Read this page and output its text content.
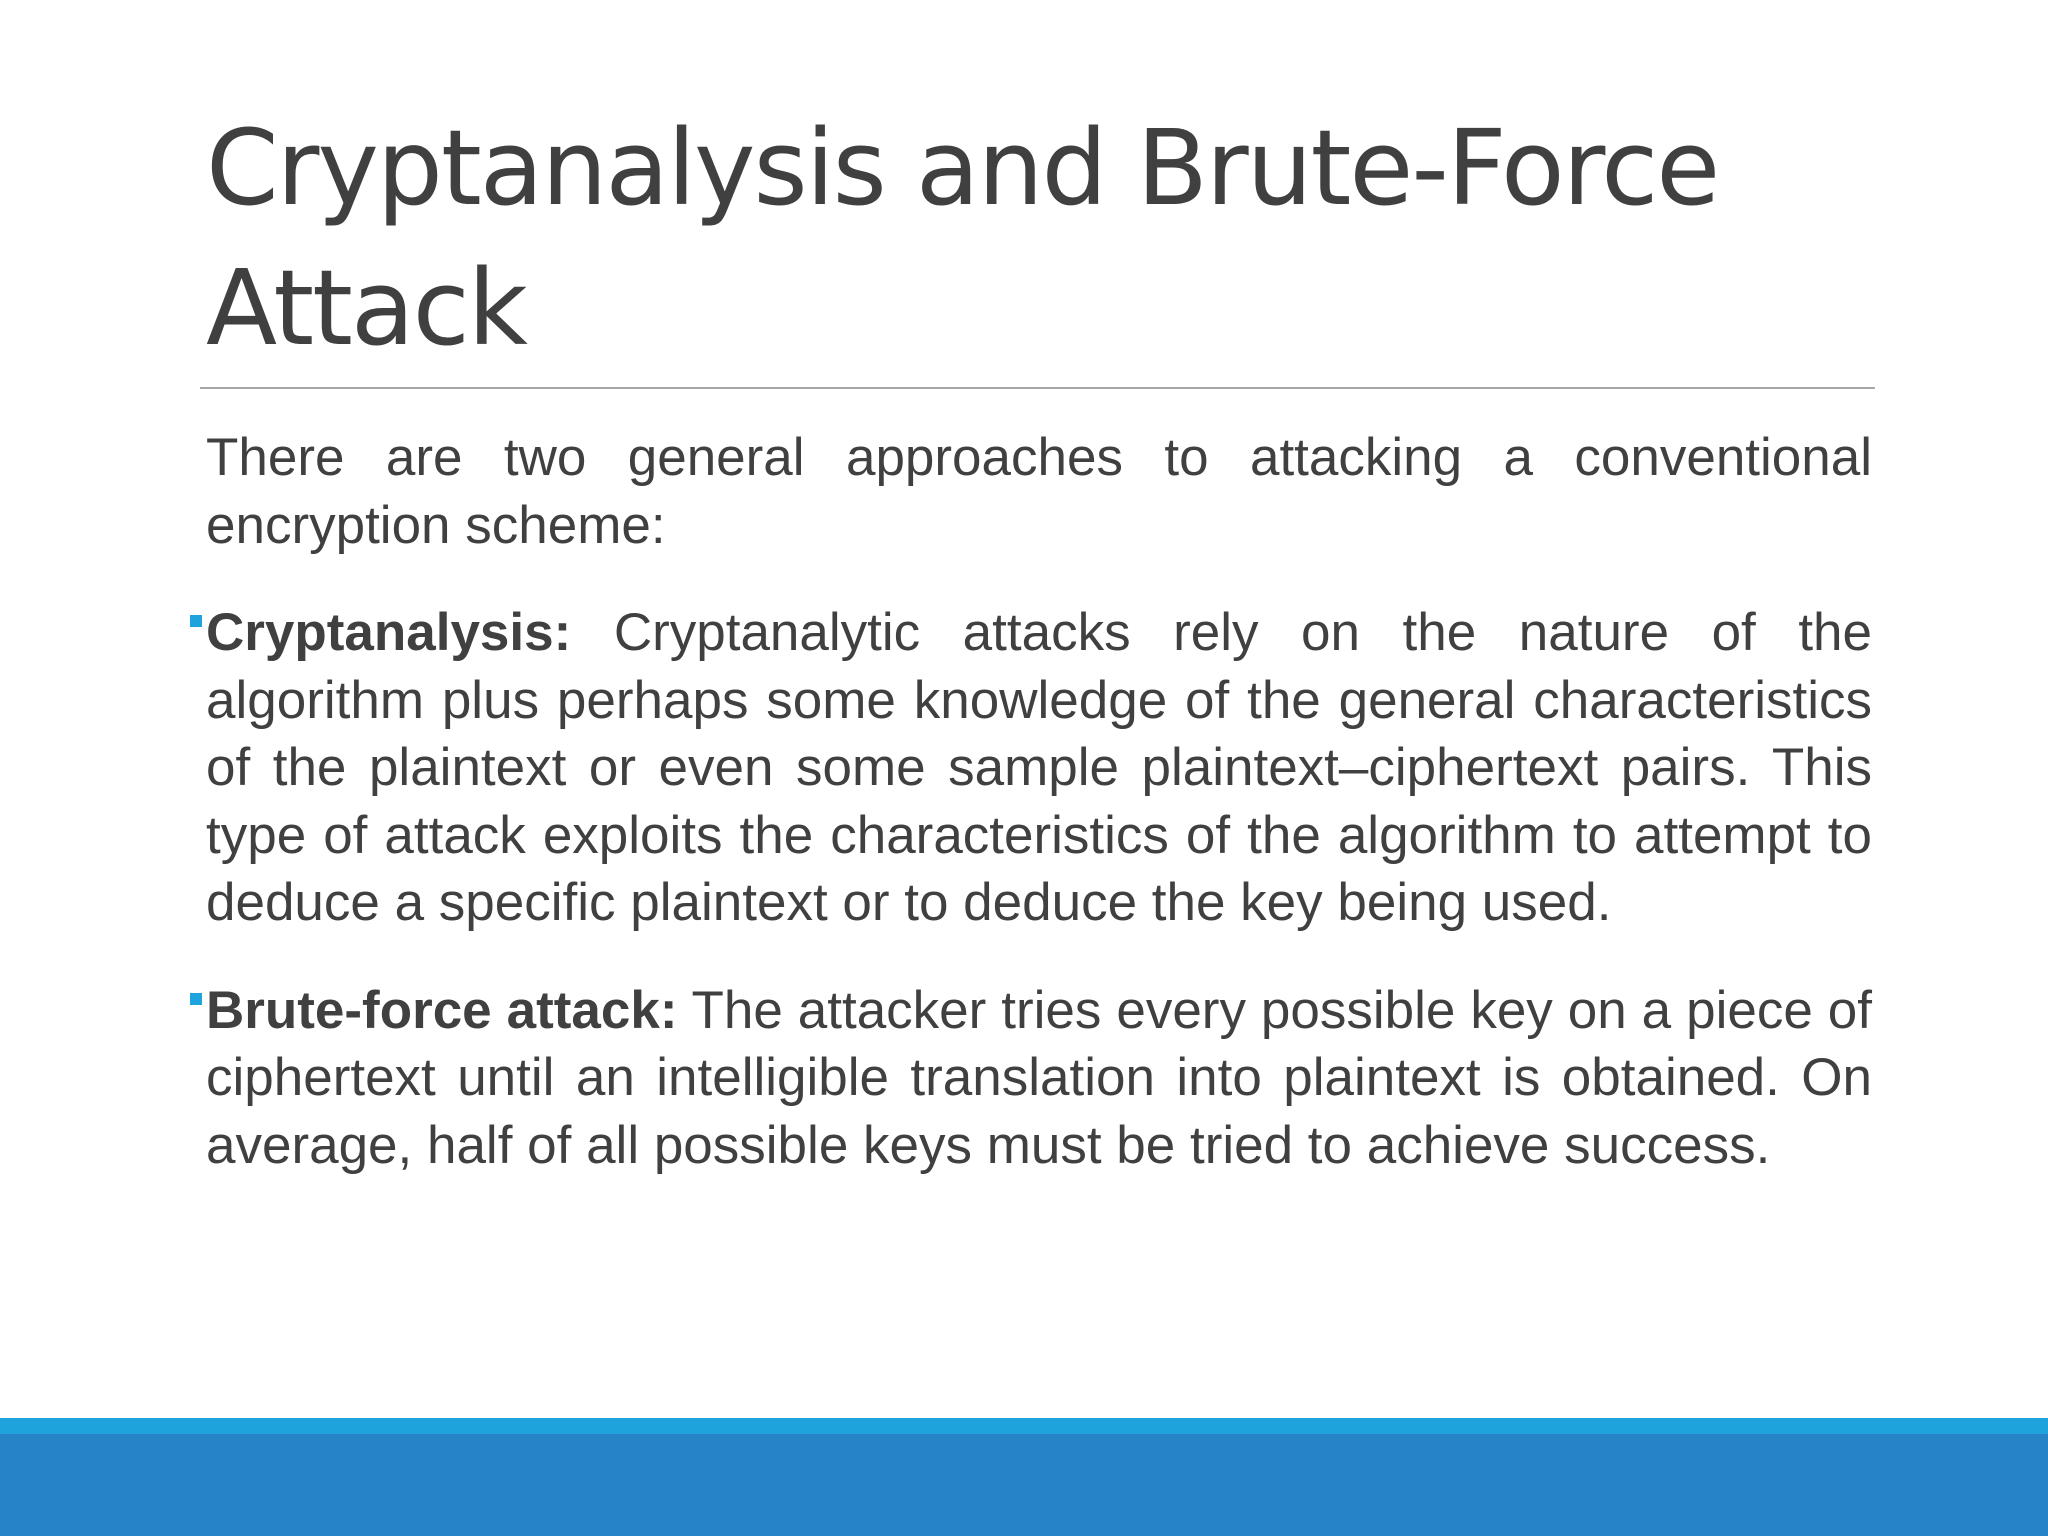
Cryptanalysis and Brute-Force Attack

There are two general approaches to attacking a conventional encryption scheme:

Cryptanalysis: Cryptanalytic attacks rely on the nature of the algorithm plus perhaps some knowledge of the general characteristics of the plaintext or even some sample plaintext–ciphertext pairs. This type of attack exploits the characteristics of the algorithm to attempt to deduce a specific plaintext or to deduce the key being used.

Brute-force attack: The attacker tries every possible key on a piece of ciphertext until an intelligible translation into plaintext is obtained. On average, half of all possible keys must be tried to achieve success.
